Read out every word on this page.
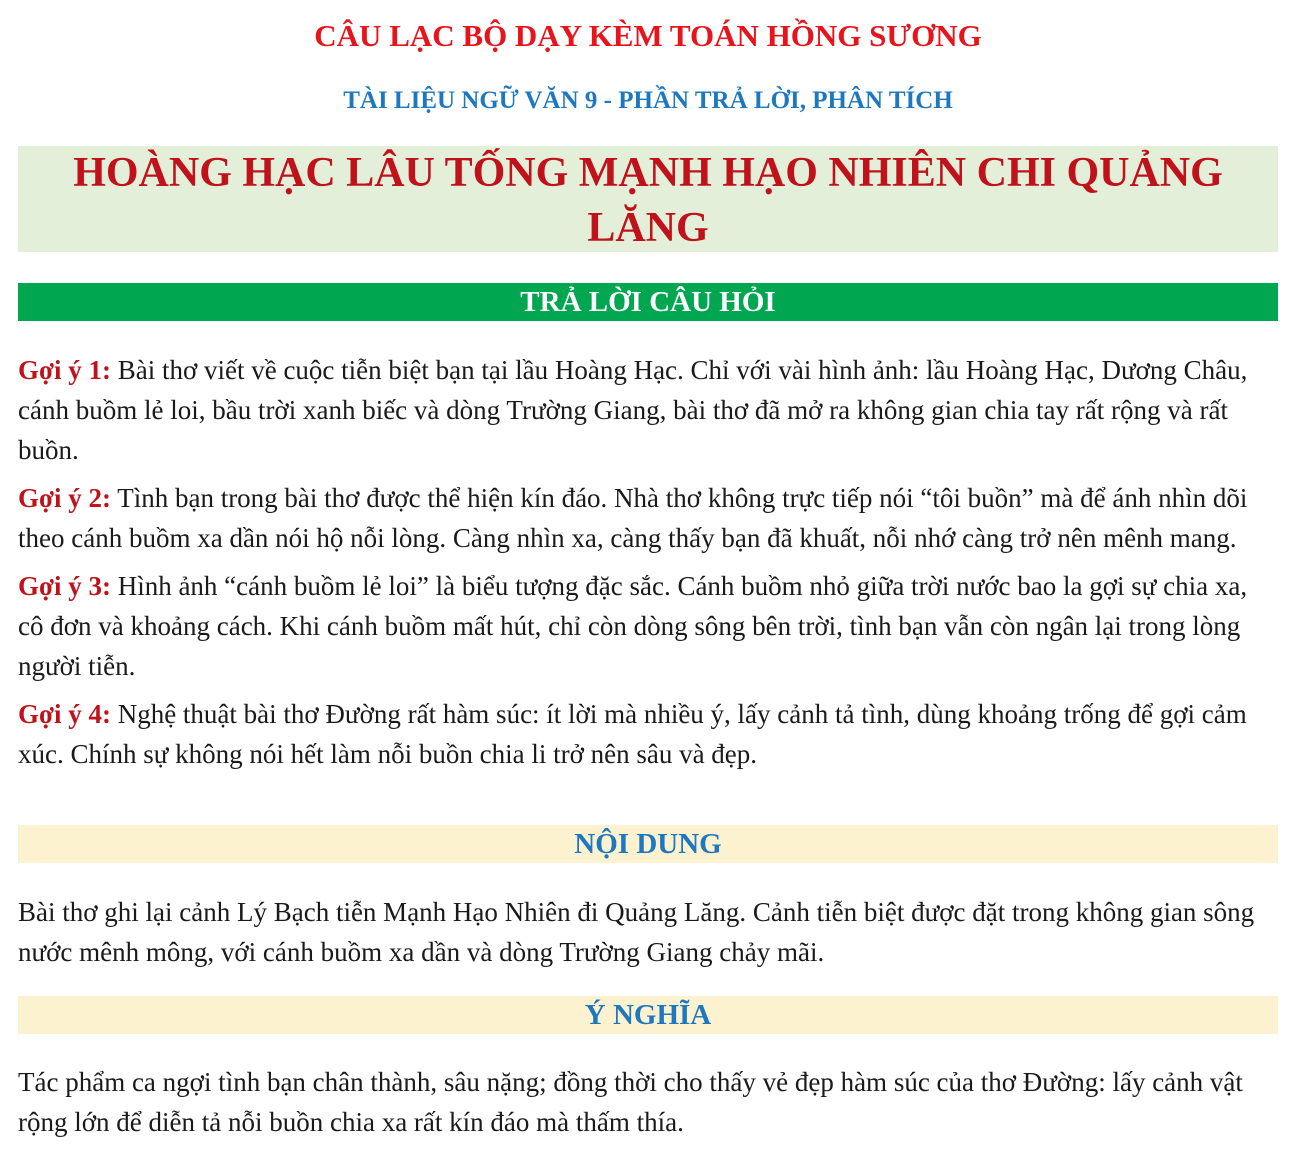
CÂU LẠC BỘ DẠY KÈM TOÁN HỒNG SƯƠNG
TÀI LIỆU NGỮ VĂN 9 - PHẦN TRẢ LỜI, PHÂN TÍCH
HOÀNG HẠC LÂU TỐNG MẠNH HẠO NHIÊN CHI QUẢNG LĂNG
TRẢ LỜI CÂU HỎI

Gợi ý 1: Bài thơ viết về cuộc tiễn biệt bạn tại lầu Hoàng Hạc. Chỉ với vài hình ảnh: lầu Hoàng Hạc, Dương Châu, cánh buồm lẻ loi, bầu trời xanh biếc và dòng Trường Giang, bài thơ đã mở ra không gian chia tay rất rộng và rất buồn.

Gợi ý 2: Tình bạn trong bài thơ được thể hiện kín đáo. Nhà thơ không trực tiếp nói “tôi buồn” mà để ánh nhìn dõi theo cánh buồm xa dần nói hộ nỗi lòng. Càng nhìn xa, càng thấy bạn đã khuất, nỗi nhớ càng trở nên mênh mang.

Gợi ý 3: Hình ảnh “cánh buồm lẻ loi” là biểu tượng đặc sắc. Cánh buồm nhỏ giữa trời nước bao la gợi sự chia xa, cô đơn và khoảng cách. Khi cánh buồm mất hút, chỉ còn dòng sông bên trời, tình bạn vẫn còn ngân lại trong lòng người tiễn.

Gợi ý 4: Nghệ thuật bài thơ Đường rất hàm súc: ít lời mà nhiều ý, lấy cảnh tả tình, dùng khoảng trống để gợi cảm xúc. Chính sự không nói hết làm nỗi buồn chia li trở nên sâu và đẹp.

NỘI DUNG

Bài thơ ghi lại cảnh Lý Bạch tiễn Mạnh Hạo Nhiên đi Quảng Lăng. Cảnh tiễn biệt được đặt trong không gian sông nước mênh mông, với cánh buồm xa dần và dòng Trường Giang chảy mãi.

Ý NGHĨA

Tác phẩm ca ngợi tình bạn chân thành, sâu nặng; đồng thời cho thấy vẻ đẹp hàm súc của thơ Đường: lấy cảnh vật rộng lớn để diễn tả nỗi buồn chia xa rất kín đáo mà thấm thía.
